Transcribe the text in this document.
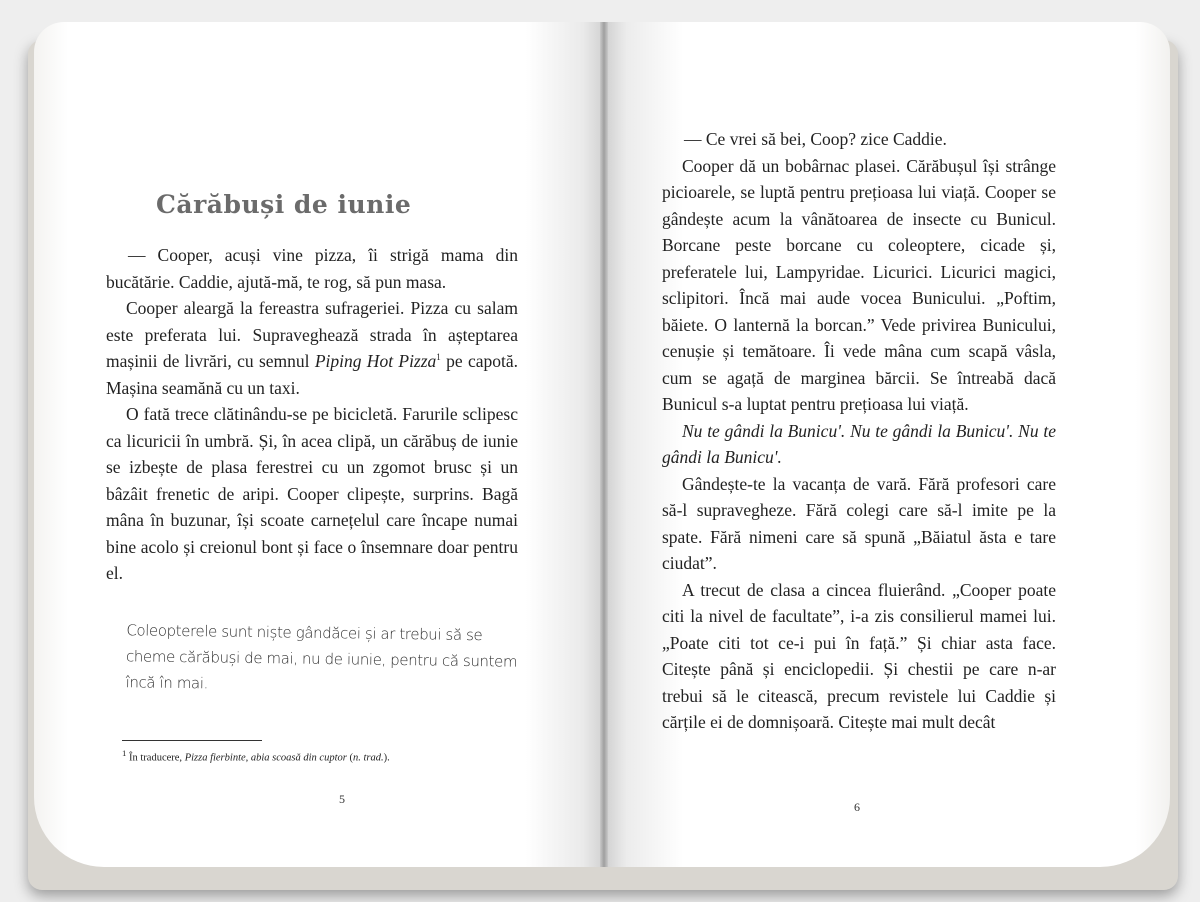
Cărăbuși de iunie

— Cooper, acuși vine pizza, îi strigă mama din bucătărie. Caddie, ajută-mă, te rog, să pun masa.

Cooper aleargă la fereastra sufrageriei. Pizza cu salam este preferata lui. Supraveghează strada în așteptarea mașinii de livrări, cu semnul Piping Hot Pizza$^1$ pe capotă. Mașina seamănă cu un taxi.

O fată trece clătinându-se pe bicicletă. Farurile sclipesc ca licuricii în umbră. Și, în acea clipă, un cărăbuș de iunie se izbește de plasa ferestrei cu un zgomot brusc și un bâzâit frenetic de aripi. Cooper clipește, surprins. Bagă mâna în buzunar, își scoate carnețelul care încape numai bine acolo și creionul bont și face o însemnare doar pentru el.

Coleopterele sunt niște gândăcei și ar trebui să se cheme cărăbuși de mai, nu de iunie, pentru că suntem încă în mai.
$^1$ În traducere, Pizza fierbinte, abia scoasă din cuptor (n. trad.).
5

— Ce vrei să bei, Coop? zice Caddie.

Cooper dă un bobârnac plasei. Cărăbușul își strânge picioarele, se luptă pentru prețioasa lui viață. Cooper se gândește acum la vânătoarea de insecte cu Bunicul. Borcane peste borcane cu coleoptere, cicade și, preferatele lui, Lampyridae. Licurici. Licurici magici, sclipitori. Încă mai aude vocea Bunicului. „Poftim, băiete. O lanternă la borcan.” Vede privirea Bunicului, cenușie și temătoare. Îi vede mâna cum scapă vâsla, cum se agață de marginea bărcii. Se întreabă dacă Bunicul s-a luptat pentru prețioasa lui viață.

Nu te gândi la Bunicu'. Nu te gândi la Bunicu'. Nu te gândi la Bunicu'.

Gândește-te la vacanța de vară. Fără profesori care să-l supravegheze. Fără colegi care să-l imite pe la spate. Fără nimeni care să spună „Băiatul ăsta e tare ciudat”.

A trecut de clasa a cincea fluierând. „Cooper poate citi la nivel de facultate”, i-a zis consilierul mamei lui. „Poate citi tot ce-i pui în față.” Și chiar asta face. Citește până și enciclopedii. Și chestii pe care n-ar trebui să le citească, precum revistele lui Caddie și cărțile ei de domnișoară. Citește mai mult decât

6
